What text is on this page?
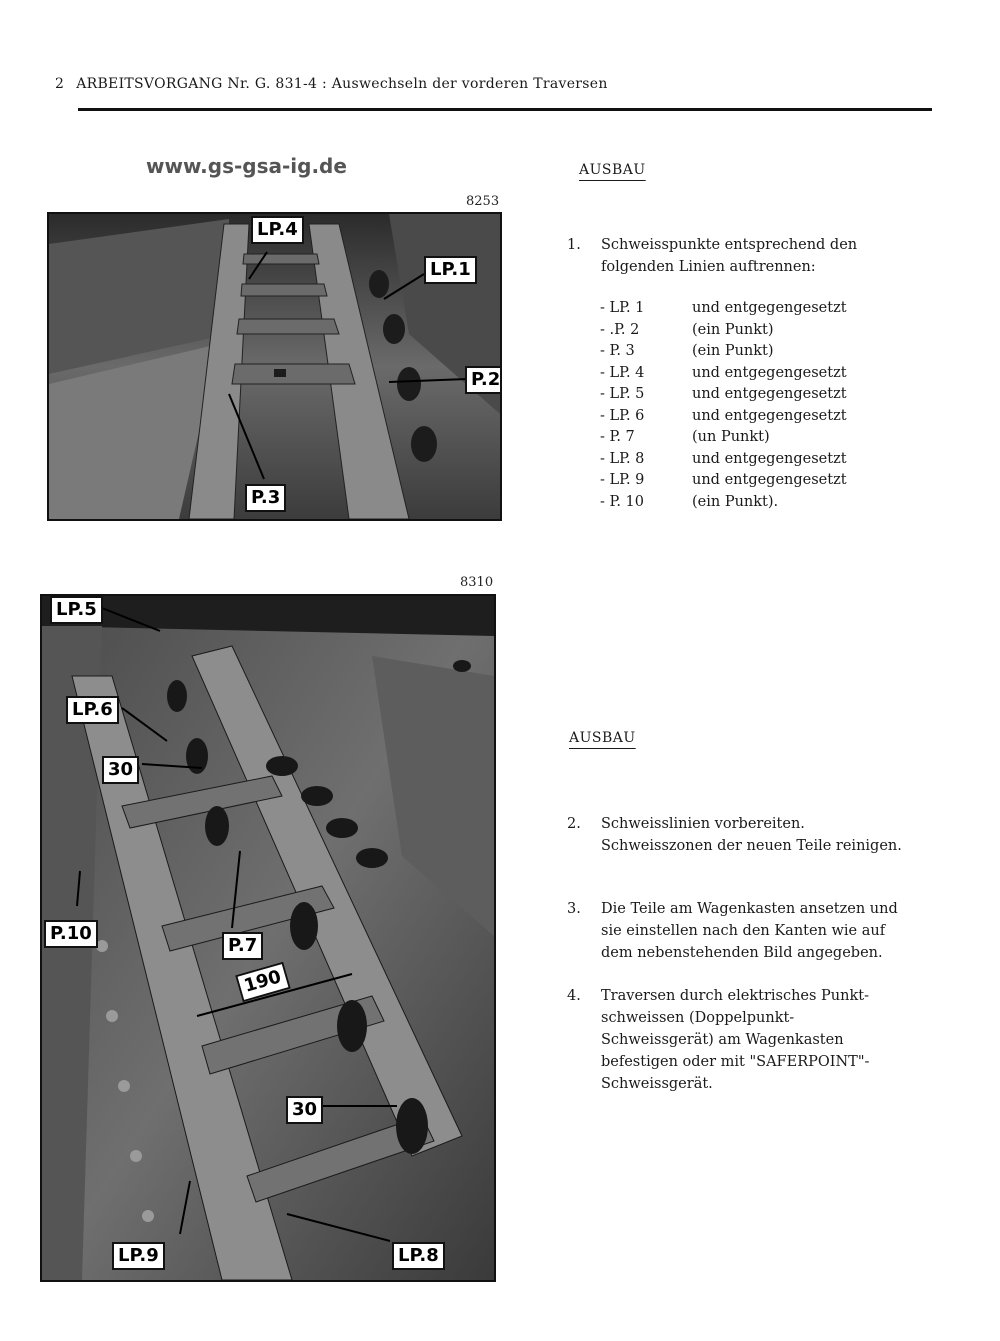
2 ARBEITSVORGANG Nr. G. 831-4 : Auswechseln der vorderen Traversen
www.gs-gsa-ig.de
8253
LP.4
LP.1
P.2
P.3
8310
LP.5
LP.6
30
P.10
P.7
190
30
LP.9	LP.8
AUSBAU
1.	Schweisspunkte entsprechend den folgenden Linien auftrennen:
- LP. 1	und entgegengesetzt
- .P. 2	(ein Punkt)
- P. 3	(ein Punkt)
- LP. 4	und entgegengesetzt
- LP. 5	und entgegengesetzt
- LP. 6	und entgegengesetzt
- P. 7	(un Punkt)
- LP. 8	und entgegengesetzt
- LP. 9	und entgegengesetzt
- P. 10	(ein Punkt).
AUSBAU
2.	Schweisslinien vorbereiten. Schweisszonen der neuen Teile reinigen.
3.	Die Teile am Wagenkasten ansetzen und sie einstellen nach den Kanten wie auf dem nebenstehenden Bild angegeben.
4.	Traversen durch elektrisches Punkt-schweissen (Doppelpunkt-Schweissgerät) am Wagenkasten befestigen oder mit "SAFERPOINT"-Schweissgerät.
